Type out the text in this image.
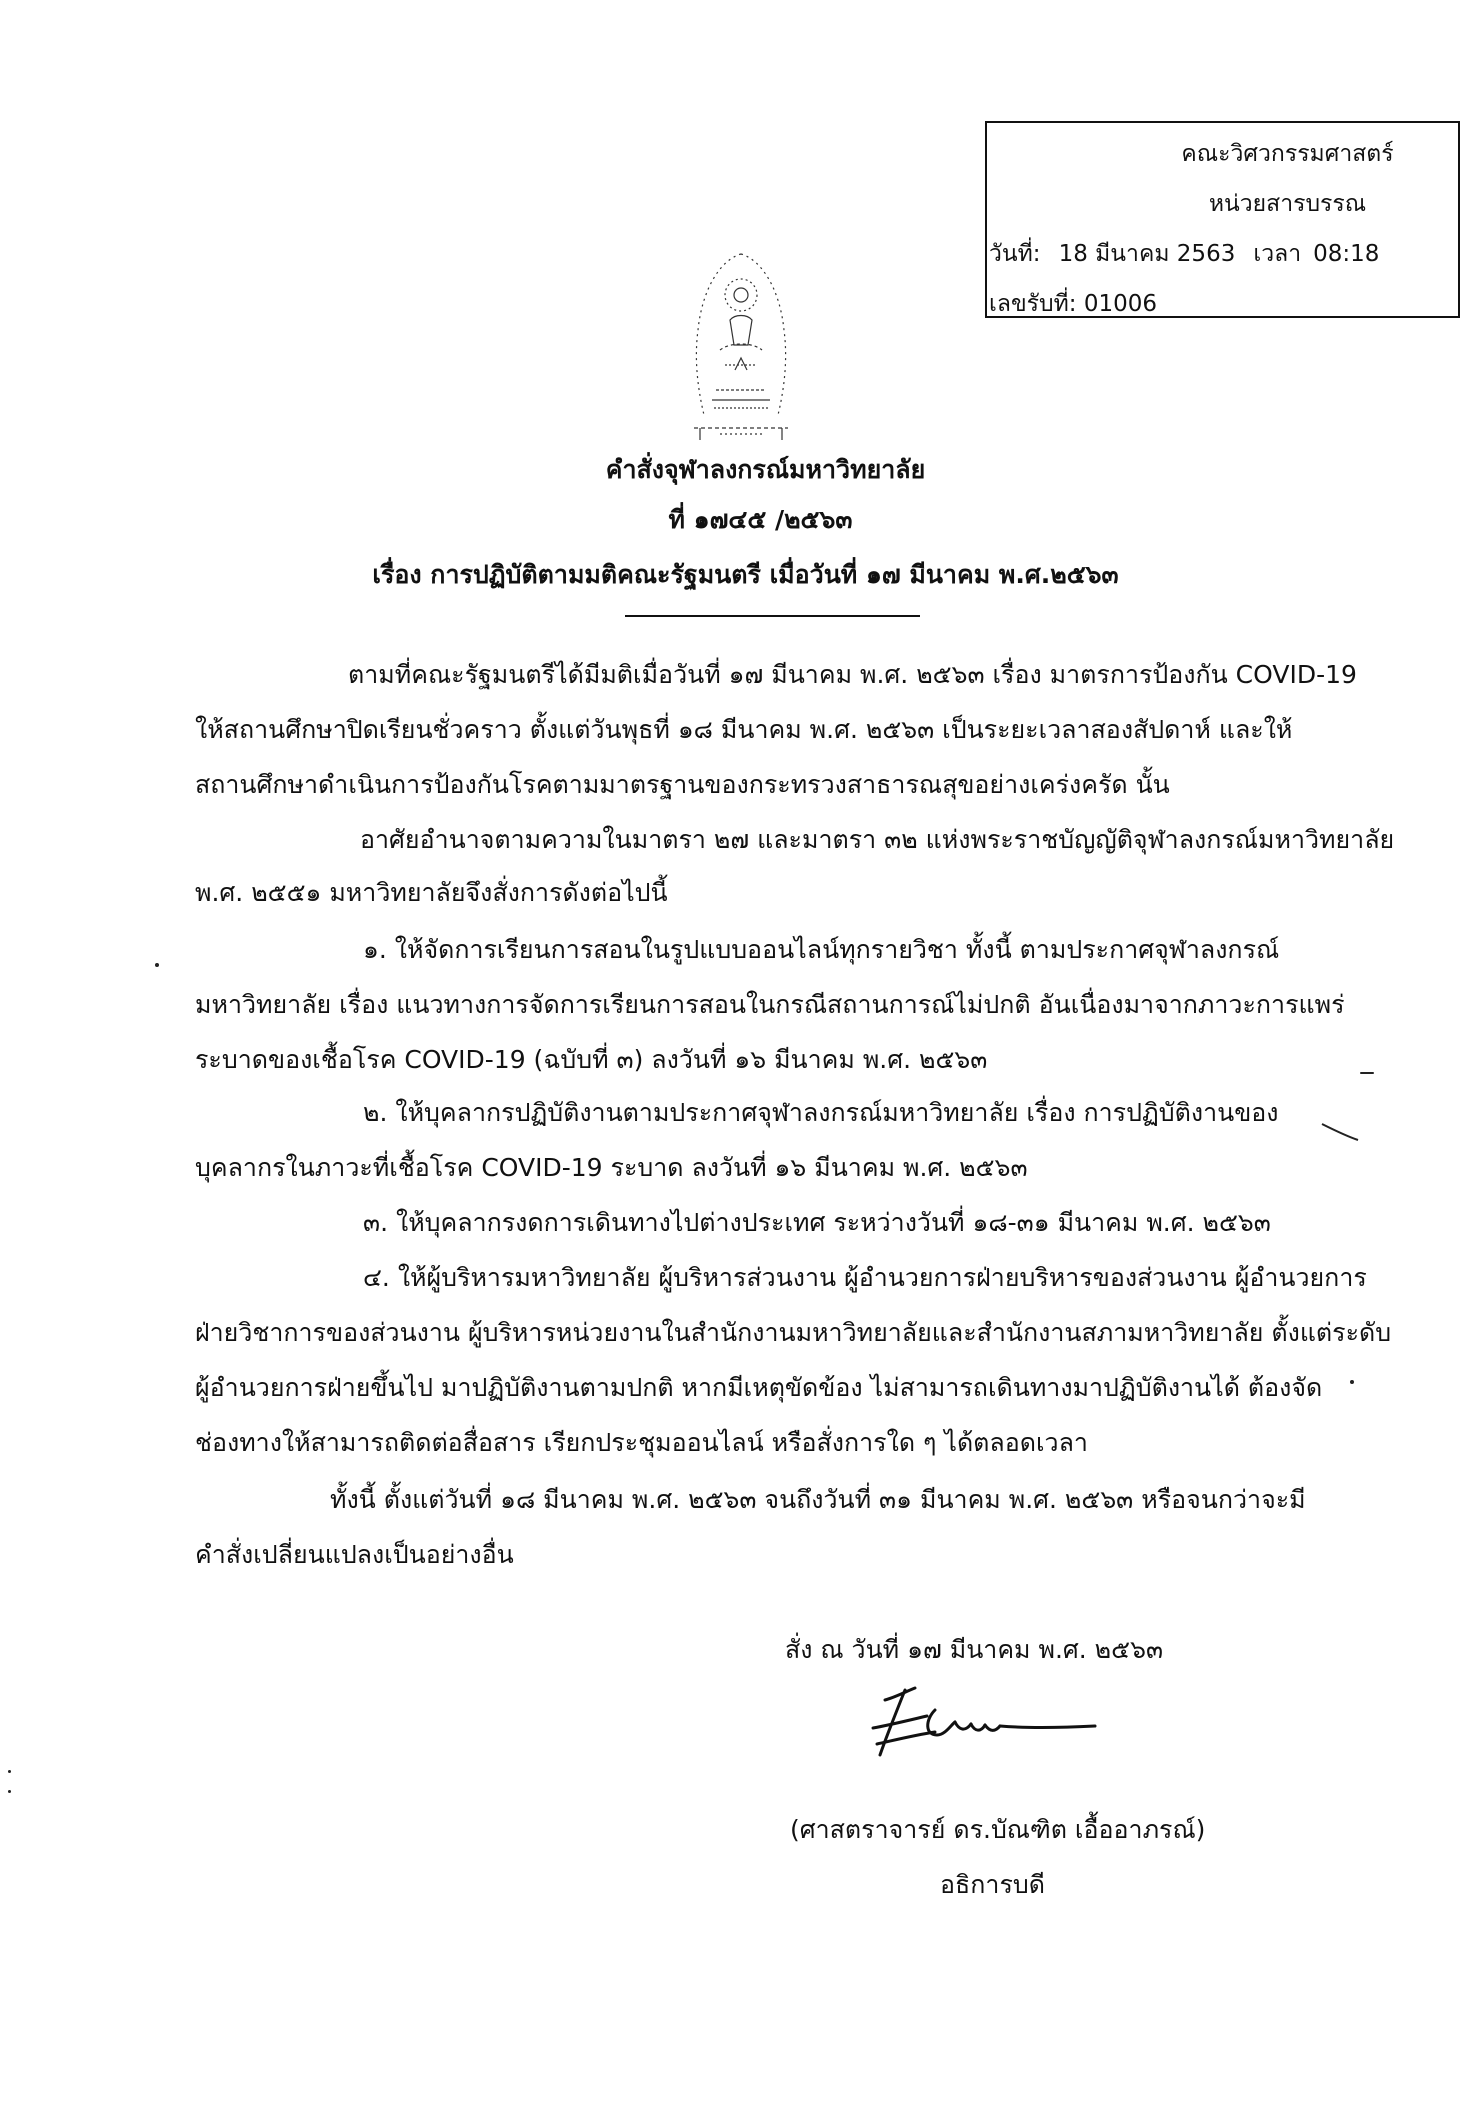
คณะวิศวกรรมศาสตร์
หน่วยสารบรรณ
วันที่: 18 มีนาคม 2563 เวลา 08:18
เลขรับที่: 01006
คำสั่งจุฬาลงกรณ์มหาวิทยาลัย
ที่ ๑๗๔๕ /๒๕๖๓
เรื่อง การปฏิบัติตามมติคณะรัฐมนตรี เมื่อวันที่ ๑๗ มีนาคม พ.ศ.๒๕๖๓
ตามที่คณะรัฐมนตรีได้มีมติเมื่อวันที่ ๑๗ มีนาคม พ.ศ. ๒๕๖๓ เรื่อง มาตรการป้องกัน COVID-19
ให้สถานศึกษาปิดเรียนชั่วคราว ตั้งแต่วันพุธที่ ๑๘ มีนาคม พ.ศ. ๒๕๖๓ เป็นระยะเวลาสองสัปดาห์ และให้
สถานศึกษาดำเนินการป้องกันโรคตามมาตรฐานของกระทรวงสาธารณสุขอย่างเคร่งครัด นั้น
อาศัยอำนาจตามความในมาตรา ๒๗ และมาตรา ๓๒ แห่งพระราชบัญญัติจุฬาลงกรณ์มหาวิทยาลัย
พ.ศ. ๒๕๕๑ มหาวิทยาลัยจึงสั่งการดังต่อไปนี้
๑. ให้จัดการเรียนการสอนในรูปแบบออนไลน์ทุกรายวิชา ทั้งนี้ ตามประกาศจุฬาลงกรณ์
มหาวิทยาลัย เรื่อง แนวทางการจัดการเรียนการสอนในกรณีสถานการณ์ไม่ปกติ อันเนื่องมาจากภาวะการแพร่
ระบาดของเชื้อโรค COVID-19 (ฉบับที่ ๓) ลงวันที่ ๑๖ มีนาคม พ.ศ. ๒๕๖๓
๒. ให้บุคลากรปฏิบัติงานตามประกาศจุฬาลงกรณ์มหาวิทยาลัย เรื่อง การปฏิบัติงานของ
บุคลากรในภาวะที่เชื้อโรค COVID-19 ระบาด ลงวันที่ ๑๖ มีนาคม พ.ศ. ๒๕๖๓
๓. ให้บุคลากรงดการเดินทางไปต่างประเทศ ระหว่างวันที่ ๑๘-๓๑ มีนาคม พ.ศ. ๒๕๖๓
๔. ให้ผู้บริหารมหาวิทยาลัย ผู้บริหารส่วนงาน ผู้อำนวยการฝ่ายบริหารของส่วนงาน ผู้อำนวยการ
ฝ่ายวิชาการของส่วนงาน ผู้บริหารหน่วยงานในสำนักงานมหาวิทยาลัยและสำนักงานสภามหาวิทยาลัย ตั้งแต่ระดับ
ผู้อำนวยการฝ่ายขึ้นไป มาปฏิบัติงานตามปกติ หากมีเหตุขัดข้อง ไม่สามารถเดินทางมาปฏิบัติงานได้ ต้องจัด
ช่องทางให้สามารถติดต่อสื่อสาร เรียกประชุมออนไลน์ หรือสั่งการใด ๆ ได้ตลอดเวลา
ทั้งนี้ ตั้งแต่วันที่ ๑๘ มีนาคม พ.ศ. ๒๕๖๓ จนถึงวันที่ ๓๑ มีนาคม พ.ศ. ๒๕๖๓ หรือจนกว่าจะมี
คำสั่งเปลี่ยนแปลงเป็นอย่างอื่น
สั่ง ณ วันที่ ๑๗ มีนาคม พ.ศ. ๒๕๖๓
(ศาสตราจารย์ ดร.บัณฑิต เอื้ออาภรณ์)
อธิการบดี
